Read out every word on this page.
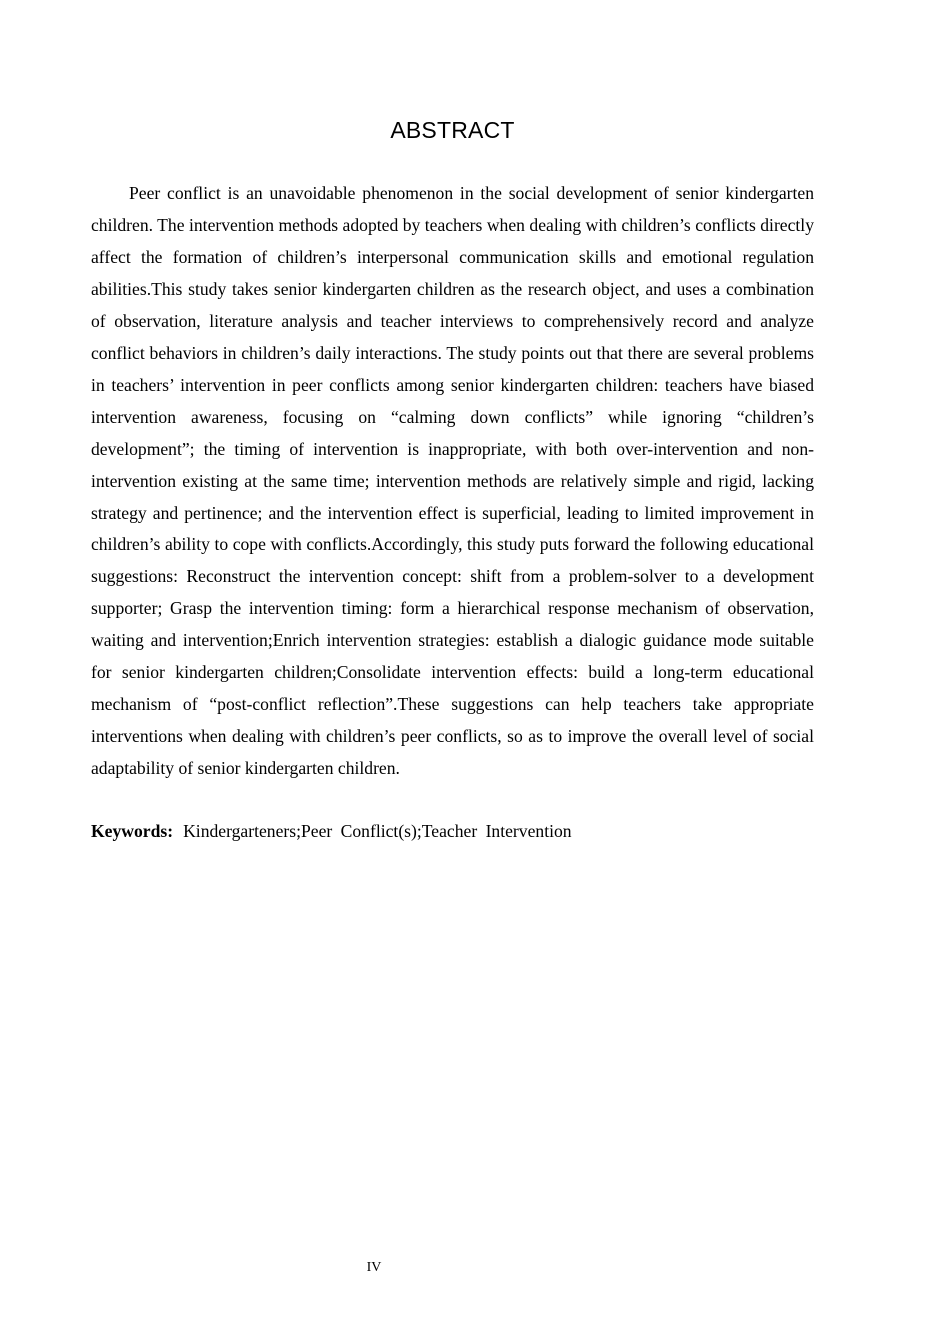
ABSTRACT

Peer conflict is an unavoidable phenomenon in the social development of senior kindergarten children. The intervention methods adopted by teachers when dealing with children’s conflicts directly affect the formation of children’s interpersonal communication skills and emotional regulation abilities.This study takes senior kindergarten children as the research object, and uses a combination of observation, literature analysis and teacher interviews to comprehensively record and analyze conflict behaviors in children’s daily interactions. The study points out that there are several problems in teachers’ intervention in peer conflicts among senior kindergarten children: teachers have biased intervention awareness, focusing on “calming down conflicts” while ignoring “children’s development”; the timing of intervention is inappropriate, with both over-intervention and non-intervention existing at the same time; intervention methods are relatively simple and rigid, lacking strategy and pertinence; and the intervention effect is superficial, leading to limited improvement in children’s ability to cope with conflicts.Accordingly, this study puts forward the following educational suggestions: Reconstruct the intervention concept: shift from a problem-solver to a development supporter; Grasp the intervention timing: form a hierarchical response mechanism of observation, waiting and intervention;Enrich intervention strategies: establish a dialogic guidance mode suitable for senior kindergarten children;Consolidate intervention effects: build a long-term educational mechanism of “post-conflict reflection”.These suggestions can help teachers take appropriate interventions when dealing with children’s peer conflicts, so as to improve the overall level of social adaptability of senior kindergarten children.

Keywords: Kindergarteners;Peer Conflict(s);Teacher Intervention

IV
